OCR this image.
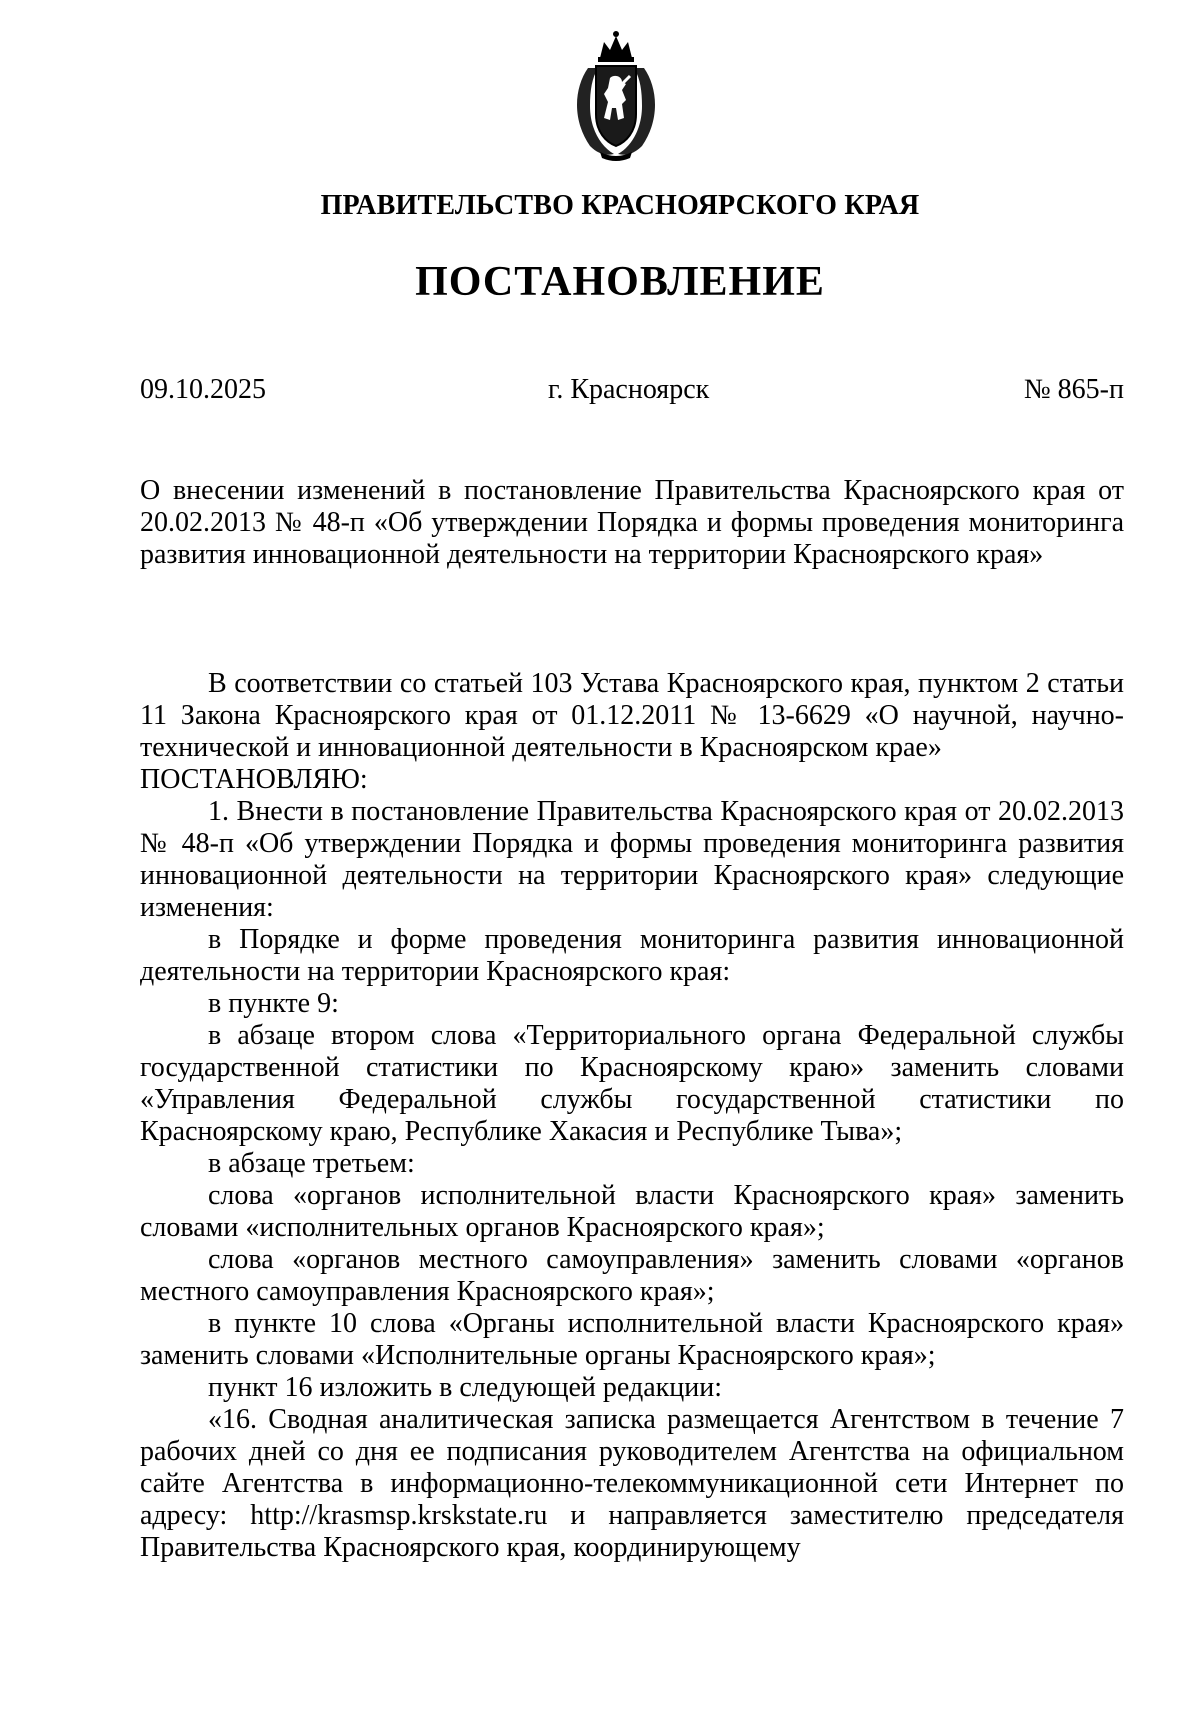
ПРАВИТЕЛЬСТВО КРАСНОЯРСКОГО КРАЯ
ПОСТАНОВЛЕНИЕ
09.10.2025	г. Красноярск	№ 865-п
О внесении изменений в постановление Правительства Красноярского края от 20.02.2013 № 48-п «Об утверждении Порядка и формы проведения мониторинга развития инновационной деятельности на территории Красноярского края»

В соответствии со статьей 103 Устава Красноярского края, пунктом 2 статьи 11 Закона Красноярского края от 01.12.2011 № 13-6629 «О научной, научно-технической и инновационной деятельности в Красноярском крае»

ПОСТАНОВЛЯЮ:

1. Внести в постановление Правительства Красноярского края от 20.02.2013 № 48-п «Об утверждении Порядка и формы проведения мониторинга развития инновационной деятельности на территории Красноярского края» следующие изменения:

в Порядке и форме проведения мониторинга развития инновационной деятельности на территории Красноярского края:

в пункте 9:

в абзаце втором слова «Территориального органа Федеральной службы государственной статистики по Красноярскому краю» заменить словами «Управления Федеральной службы государственной статистики по Красноярскому краю, Республике Хакасия и Республике Тыва»;

в абзаце третьем:

слова «органов исполнительной власти Красноярского края» заменить словами «исполнительных органов Красноярского края»;

слова «органов местного самоуправления» заменить словами «органов местного самоуправления Красноярского края»;

в пункте 10 слова «Органы исполнительной власти Красноярского края» заменить словами «Исполнительные органы Красноярского края»;

пункт 16 изложить в следующей редакции:

«16. Сводная аналитическая записка размещается Агентством в течение 7 рабочих дней со дня ее подписания руководителем Агентства на официальном сайте Агентства в информационно-телекоммуникационной сети Интернет по адресу: http://krasmsp.krskstate.ru и направляется заместителю председателя Правительства Красноярского края, координирующему
